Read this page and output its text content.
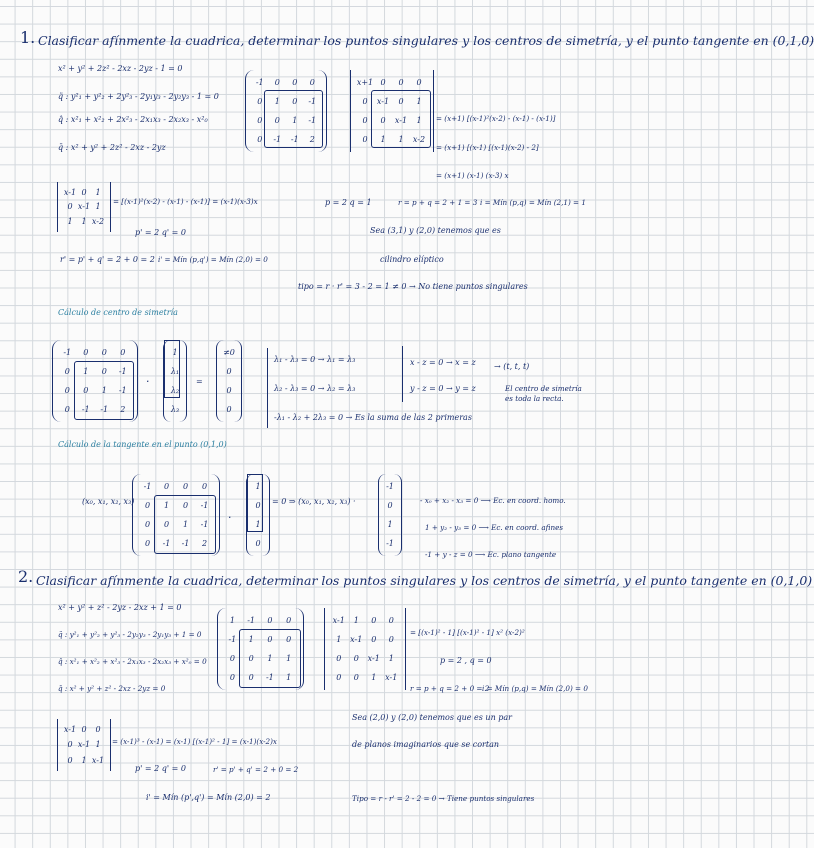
1. Clasificar afínmente la cuadrica, determinar los puntos singulares y los centros de simetría, y el punto tangente en (0,1,0)
x² + y² + 2z² - 2xz - 2yz - 1 = 0
q̈ : y²₁ + y²₂ + 2y²₃ - 2y₁y₃ - 2y₂y₃ - 1 = 0
q̂ : x²₁ + x²₂ + 2x²₃ - 2x₁x₃ - 2x₂x₃ - x²₀
q̄ : x² + y² + 2z² - 2xz - 2yz
-1 0 0 0
0 1 0 -1
0 0 1 -1
0 -1 -1 2
x+1 0 0 0
0 x-1 0 1
0 0 x-1 1
0 1 1 x-2
= (x+1) [(x-1)²(x-2) - (x-1) - (x-1)]
= (x+1) [(x-1) [(x-1)(x-2) - 2]
= (x+1) (x-1) (x-3) x
x-1 0 1
0 x-1 1
1 1 x-2
= [(x-1)²(x-2) - (x-1) - (x-1)] = (x-1)(x-3)x	p = 2 q = 1	r = p + q = 2 + 1 = 3 i = Mín (p,q) = Mín (2,1) = 1
p' = 2 q' = 0	Sea (3,1) y (2,0) tenemos que es
r' = p' + q' = 2 + 0 = 2 i' = Mín (p,q') = Mín (2,0) = 0	cilindro elíptico
tipo = r · r' = 3 - 2 = 1 ≠ 0 → No tiene puntos singulares
Cálculo de centro de simetría
-1 0 0 0
0 1 0 -1
0 0 1 -1
0 -1 -1 2
·
1
λ₁
λ₂
λ₃
=
≠0
0
0
0
λ₁ - λ₃ = 0 → λ₁ = λ₃
λ₂ - λ₃ = 0 → λ₂ = λ₃
-λ₁ - λ₂ + 2λ₃ = 0 → Es la suma de las 2 primeras
x - z = 0 → x = z
y - z = 0 → y = z
→ (t, t, t)
El centro de simetría es toda la recta.
Cálculo de la tangente en el punto (0,1,0)
(x₀, x₁, x₂, x₃)
-1 0 0 0
0 1 0 -1
0 0 1 -1
0 -1 -1 2
·
1
0
1
0
= 0 ⇒ (x₀, x₁, x₂, x₃) ·
-1
0
1
-1
- x₀ + x₂ - x₃ = 0 ⟶ Ec. en coord. homo.
1 + y₂ - y₃ = 0 ⟶ Ec. en coord. afines
-1 + y - z = 0 ⟶ Ec. plano tangente
2. Clasificar afínmente la cuadrica, determinar los puntos singulares y los centros de simetría, y el punto tangente en (0,1,0)
x² + y² + z² - 2yz - 2xz + 1 = 0
q̈ : y²₁ + y²₂ + y²₃ - 2y₂y₃ - 2y₁y₃ + 1 = 0
q̂ : x²₁ + x²₂ + x²₃ - 2x₁x₃ - 2x₂x₃ + x²₀ = 0
q̄ : x² + y² + z² - 2xz - 2yz = 0
1 -1 0 0
-1 1 0 0
0 0 1 1
0 0 -1 1
x-1 1 0 0
1 x-1 0 0
0 0 x-1 1
0 0 1 x-1
= [(x-1)² - 1] [(x-1)² - 1] x² (x-2)²
p = 2 , q = 0
r = p + q = 2 + 0 = 2
i = Mín (p,q) = Mín (2,0) = 0
x-1 0 0
0 x-1 1
0 1 x-1
= (x-1)³ - (x-1) = (x-1) [(x-1)² - 1] = (x-1)(x-2)x
Sea (2,0) y (2,0) tenemos que es un par
de planos imaginarios que se cortan
p' = 2 q' = 0	r' = p' + q' = 2 + 0 = 2
i' = Mín (p',q') = Mín (2,0) = 2	Tipo = r - r' = 2 - 2 = 0 → Tiene puntos singulares
